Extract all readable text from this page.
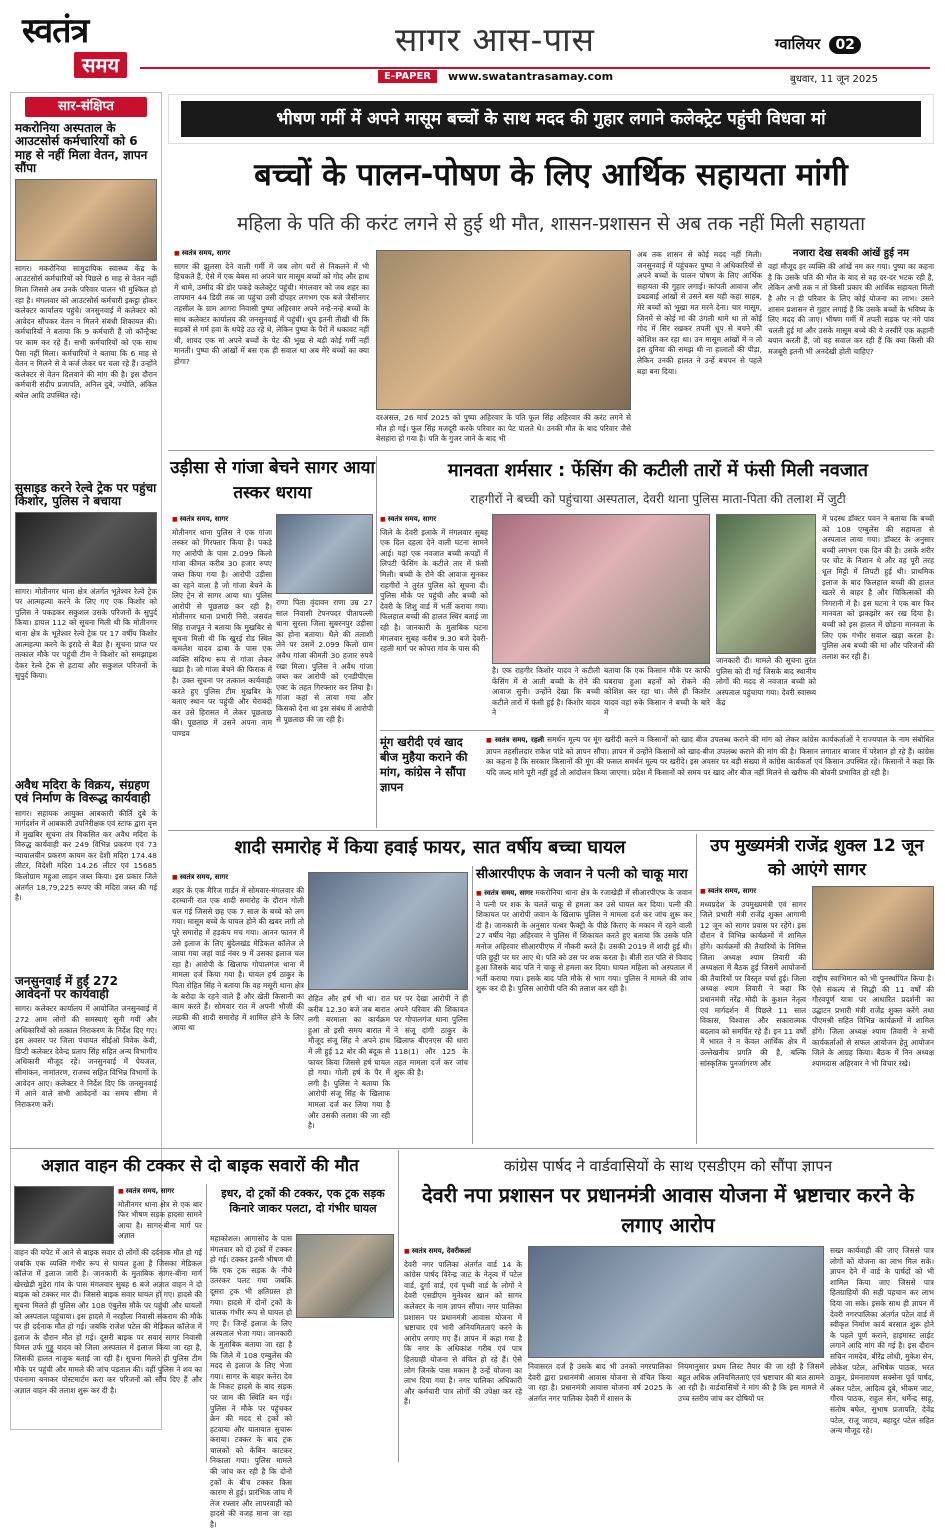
स्वतंत्र
समय
सागर आस-पास	ग्वालियर 02
E-PAPER	www.swatantrasamay.com	बुधवार, 11 जून 2025
सार-संक्षिप्त
मकरोनिया अस्पताल के आउटसोर्स कर्मचारियों को 6 माह से नहीं मिला वेतन, ज्ञापन सौंपा
सागर। मकरोनिया सामुदायिक स्वास्थ्य केंद्र के आउटसोर्स कर्मचारियों को पिछले 6 माह से वेतन नहीं मिला जिससे अब उनके परिवार पालन भी मुश्किल हो रहा है। मंगलवार को आउटसोर्स कर्मचारी इकट्ठा होकर कलेक्टर कार्यालय पहुंचे। जनसुनवाई में कलेक्टर को आवेदन सौंपकर वेतन न मिलने संबंधी शिकायत की। कर्मचारियों ने बताया कि 9 कर्मचारी हैं जो कॉन्ट्रैक्ट पर काम कर रहे हैं। सभी कर्मचारियों को एक साथ पैसा नहीं मिला। कर्मचारियों ने बताया कि 6 माह से वेतन न मिलने से वे कर्ज लेकर घर चला रहे हैं। उन्होंने कलेक्टर से वेतन दिलवाने की मांग की है। इस दौरान कर्मचारी संदीप प्रजापति, अनिल दुबे, ज्योति, अंकित बघेल आदि उपस्थित रहे।
सुसाइड करने रेल्वे ट्रेक पर पहुंचा किशोर, पुलिस ने बचाया
सागर। मोतीनगर थाना क्षेत्र अंतर्गत भूतेश्वर रेल्वे ट्रेक पर आत्महत्या करने के लिए गए एक किशोर को पुलिस ने पकड़कर सकुशल उसके परिजनों के सुपुर्द किया। डायल 112 को सूचना मिली थी कि मोतीनगर थाना क्षेत्र के भूतेश्वर रेल्वे ट्रेक पर 17 वर्षीय किशोर आत्महत्या करने के इरादे से बैठा है। सूचना प्राप्त पर तत्काल मौके पर पहुंची टीम ने किशोर को समझाइश देकर रेल्वे ट्रेक से हटाया और सकुशल परिजनों के सुपुर्द किया।
अवैध मदिरा के विक्रय, संग्रहण एवं निर्माण के विरूद्ध कार्यवाही
सागर। सहायक आयुक्त आबकारी कीर्ति दुबे के मार्गदर्शन में आबकारी उपनिरीक्षक एवं स्टाफ द्वारा वृत्त में मुखबिर सूचना तंत्र विकसित कर अवैध मदिरा के विरुद्ध कार्यवाही कर 249 विभिन्न प्रकरण एवं 73 न्यायालयीन प्रकरण कायम कर देशी मदिरा 174.48 लीटर, विदेशी मदिरा 14.26 लीटर एवं 15685 किलोग्राम महुआ लाहन जब्त किया। इस प्रकार जिले अंतर्गत 18,79,225 रूपए की मदिरा जब्त की गई है।
जनसुनवाई में हुईं 272 आवेदनों पर कार्यवाही
सागर। कलेक्टर कार्यालय में आयोजित जनसुनवाई में 272 आम लोगों की समस्याएं सुनी गयीं और अधिकारियों को तत्काल निराकरण के निर्देश दिए गए। इस अवसर पर जिला पंचायत सीईओ विवेक केवी, डिप्टी कलेक्टर देवेन्द्र प्रताप सिंह सहित अन्य विभागीय अधिकारी मौजूद रहे। जनसुनवाई में पेयजल, सीमांकन, नामांतरण, राजस्व सहित विभिन्न विभागों के आवेदन आए। कलेक्टर ने निर्देश दिए कि जनसुनवाई में आने वाले सभी आवेदनों का समय सीमा में निराकरण करें।
भीषण गर्मी में अपने मासूम बच्चों के साथ मदद की गुहार लगाने कलेक्ट्रेट पहुंची विधवा मां
बच्चों के पालन-पोषण के लिए आर्थिक सहायता मांगी
महिला के पति की करंट लगने से हुई थी मौत, शासन-प्रशासन से अब तक नहीं मिली सहायता
■ स्वतंत्र समय, सागर
सागर की झुलसा देने वाली गर्मी में जब लोग घरों से निकलने में भी हिचकते हैं, ऐसे में एक बेबस मां अपने चार मासूम बच्चों को गोद और हाथ में थामे, उम्मीद की डोर पकड़े कलेक्ट्रेट पहुंची। मंगलवार को जब शहर का तापमान 44 डिग्री तक जा पहुंचा उसी दोपहर लगभग एक बजे जैसीनगर तहसील के ग्राम आगरा निवासी पुष्पा अहिरवार अपने नन्हे-नन्हे बच्चों के साथ कलेक्टर कार्यालय की जनसुनवाई में पहुंचीं। धूप इतनी तीखी थी कि सड़कों से गर्म हवा के थपेड़े उठ रहे थे, लेकिन पुष्पा के पैरों में थकावट नहीं थी, शायद एक मां अपने बच्चों के पेट की भूख से बड़ी कोई गर्मी नहीं मानती। पुष्पा की आंखों में बस एक ही सवाल था अब मेरे बच्चों का क्या होगा?
दरअसल, 26 मार्च 2025 को पुष्पा अहिरवार के पति फूल सिंह अहिरवार की करंट लगने से मौत हो गई। फूल सिंह मजदूरी करके परिवार का पेट पालते थे। उनकी मौत के बाद परिवार जैसे बेसहारा हो गया है। पति के गुजर जाने के बाद भी
अब तक शासन से कोई मदद नहीं मिली। जनसुनवाई में पहुंचकर पुष्पा ने अधिकारियों से अपने बच्चों के पालन पोषण के लिए आर्थिक सहायता की गुहार लगाई। कांपती आवाज और डबडबाई आंखों से उसने बस यही कहा साहब, मेरे बच्चों को भूखा मत मरने देना। चार मासूम, जिनमें से कोई मां की उंगली थामे था तो कोई गोद में सिर रखकर तपती धूप से बचने की कोशिश कर रहा था। उन मासूम आंखों में न तो इस दुनिया की समझ थी ना हालातों की पीड़ा, लेकिन उनकी हालत ने उन्हें बचपन से पहले बड़ा बना दिया।
नजारा देख सबकी आंखें हुई नम
वहां मौजूद हर व्यक्ति की आंखें नम कर गया। पुष्पा का कहना है कि उसके पति की मौत के बाद से वह दर-दर भटक रही है, लेकिन अभी तक न तो किसी प्रकार की आर्थिक सहायता मिली है और न ही परिवार के लिए कोई योजना का लाभ। उसने शासन प्रशासन से गुहार लगाई है कि उसके बच्चों के भविष्य के लिए मदद की जाए। भीषण गर्मी में तपती सड़क पर नंगे पांव चलती हुई मां और उसके मासूम बच्चे की ये तस्वीरें एक कहानी बयान करती हैं, जो यह सवाल कर रही हैं कि क्या किसी की मजबूरी इतनी भी अनदेखी होती चाहिए?
उड़ीसा से गांजा बेचने सागर आया तस्कर धराया
■ स्वतंत्र समय, सागर
मोतीनगर थाना पुलिस ने एक गांजा तस्कर को गिरफ्तार किया है। पकड़े गए आरोपी के पास 2.099 किलो गांजा कीमत करीब 30 हजार रुपए जब्त किया गया है। आरोपी उड़ीसा का रहने वाला है जो गांजा बेचने के लिए ट्रेन से सागर आया था। पुलिस आरोपी से पूछताछ कर रही है। मोतीनगर थाना प्रभारी निरी. जसवंत सिंह राजपूत ने बताया कि मुखबिर से सूचना मिली थी कि खुरई रोड स्थित कमलेश यादव ढाबा के पास एक व्यक्ति संदिग्ध रूप से गांजा लेकर खड़ा है। जो गांजा बेचने की फिराक में है। उक्त सूचना पर तत्काल कार्यवाही करते हुए पुलिस टीम मुखबिर के बताए स्थान पर पहुंची और घेराबंदी कर उसे हिरासत में लेकर पूछताछ की। पूछताछ में उसने अपना नाम पाण्डव
राणा पिता वृंदावन राणा उम्र 27 साल निवासी टेपनपदर पीतापल्ली थाना सुरला जिला सुबरनपुर उड़ीसा का होना बताया। थैले की तलाशी लेने पर उसमें 2.099 किलो ग्राम अवैध गांजा कीमती 30 हजार रुपये रखा मिला। पुलिस ने अवैध गांजा जब्त कर आरोपी को एनडीपीएस एक्ट के तहत गिरफ्तार कर लिया है। गांजा कहां से लाया गया और किसको देना था इस संबंध में आरोपी से पूछताछ की जा रही है।
मानवता शर्मसार : फेंसिंग की कटीली तारों में फंसी मिली नवजात
राहगीरों ने बच्ची को पहुंचाया अस्पताल, देवरी थाना पुलिस माता-पिता की तलाश में जुटी
■ स्वतंत्र समय, सागर
जिले के देवरी इलाके में मंगलवार सुबह एक दिल दहला देने वाली घटना सामने आई। यहां एक नवजात बच्ची कपड़ों में लिपटी फेंसिंग के कटीले तार में फंसी मिली। बच्ची के रोने की आवाज सुनकर राहगीरों ने तुरंत पुलिस को सूचना दी। पुलिस मौके पर पहुंची और बच्ची को देवरी के शिशु वार्ड में भर्ती कराया गया। फिलहाल बच्ची की हालत स्थिर बताई जा रही है। जानकारी के मुताबिक घटना मंगलवार सुबह करीब 9.30 बजे देवरी-रहली मार्ग पर कोपरा गांव के पास की
है। एक राहगीर किशोर यादव ने कटीली फेंसिंग में से आती बच्ची के रोने की आवाज सुनी। उन्होंने देखा कि बच्ची कटीले तारों में फंसी हुई है। किशोर यादव ने
बताया कि एक किसान मौके पर काफी घबराया हुआ बहनों को रोकने की कोशिश कर रहा था। जैसे ही किशोर यादव वहां रुके किसान ने बच्ची के बारे में
जानकारी दी। मामले की सूचना तुरंत पुलिस को दी गई जिसके बाद स्थानीय लोगों की मदद से नवजात बच्ची को अस्पताल पहुंचाया गया। देवरी स्वास्थ्य केंद्र
में पदस्थ डॉक्टर पवन ने बताया कि बच्ची को 108 एम्बुलेंस की सहायता से अस्पताल लाया गया। डॉक्टर के अनुसार बच्ची लगभग एक दिन की है। उसके शरीर पर चोट के निशान थे और वह पूरी तरह धूल मिट्टी में लिपटी हुई थी। प्राथमिक इलाज के बाद फिलहाल बच्ची की हालत खतरे से बाहर है और चिकित्सकों की निगरानी में है। इस घटना ने एक बार फिर मानवता को झकझोर कर रख दिया है। बच्ची को इस हालत में छोड़ना मानवता के लिए एक गंभीर सवाल खड़ा करता है। पुलिस अब बच्ची की मां और परिजनों की तलाश कर रही है।
मूंग खरीदी एवं खाद बीज मुहैया कराने की मांग, कांग्रेस ने सौंपा ज्ञापन
■ स्वतंत्र समय, रहली समर्थन मूल्य पर मूंग खरीदी करने व किसानों को खाद बीज उपलब्ध कराने की मांग को लेकर कांग्रेस कार्यकर्ताओं ने राज्यपाल के नाम संबोधित ज्ञापन तहसीलदार राकेश पांडे को ज्ञापन सौंपा। ज्ञापन में उन्होंने किसानों को खाद-बीज उपलब्ध कराने की मांग की है। किसान लगातार बाजार में परेशान हो रहे हैं। कांग्रेस का कहना है कि सरकार किसानों की मूंग की फसल समर्थन मूल्य पर खरीदे। इस अवसर पर बड़ी संख्या में कांग्रेस कार्यकर्ता एवं किसान उपस्थित रहे। किसानों ने कहा कि यदि जल्द मांगे पूरी नहीं हुईं तो आंदोलन किया जाएगा। प्रदेश में किसानों को समय पर खाद और बीज नहीं मिलने से खरीफ की बोवनी प्रभावित हो रही है।
शादी समारोह में किया हवाई फायर, सात वर्षीय बच्चा घायल
■ स्वतंत्र समय, सागर
शहर के एक मैरिज गार्डन में सोमवार-मंगलवार की दरम्यानी रात एक शादी समारोह के दौरान गोली चल गई जिससे छह एक 7 साल के बच्चे को लग गया। मासूम बच्चे के घायल होने की खबर लगी तो पूरे समारोह में हड़कंप मच गया। आनन फानन में उसे इलाज के लिए बुंदेलखंड मेडिकल कॉलेज ले जाया गया जहां वार्ड नंबर 9 में उसका इलाज चल रहा है। आरोपी के खिलाफ गोपालगंज थाना में मामला दर्ज किया गया है। घायल हर्ष ठाकुर के पिता रोहित सिंह ने बताया कि वह मसूरी थाना क्षेत्र के बरोदा के रहने वाले हैं और खेती किसानी का काम करते हैं। सोमवार रात में अपनी भौजी की लड़की की शादी समारोह में शामिल होने के लिए आया था
रोहित और हर्ष भी था। रात करीब 12.30 बजे जब बारात लगी बरमाला का कार्यक्रम हुआ तो इसी समय बारात में मौजूद संजू सिंह ने अपने हाथ में ली हुई 12 बोर की बंदूक से फायर किया जिससे हर्ष घायल हो गया। गोली हर्ष के पैर में लगी है। पुलिस ने बताया कि आरोपी संजू सिंह के खिलाफ मामला दर्ज कर लिया गया है और उसकी तलाश की जा रही है।
घर पर देखा आरोपी ने ही अपने परिवार की शिकायत पर गोपालगंज थाना पुलिस ने संजू दांगी ठाकुर के खिलाफ बीएनएस की धारा 118(1) और 125 के तहत मामला दर्ज कर जांच शुरू की है।
सीआरपीएफ के जवान ने पत्नी को चाकू मारा
■ स्वतंत्र समय, सागर मकरोनिया थाना क्षेत्र के रजाखेड़ी में सीआरपीएफ के जवान ने पत्नी पर शक के चलते चाकू से हमला कर उसे घायल कर दिया। पत्नी की शिकायत पर आरोपी जवान के खिलाफ पुलिस ने मामला दर्ज कर जांच शुरू कर दी है। जानकारी के अनुसार पत्थर फैक्ट्री के पीछे किराए के मकान में रहने वाली 27 वर्षीय नेहा अहिरवार ने पुलिस में शिकायत करते हुए बताया कि उसके पति मनोज अहिरवार सीआरपीएफ में नौकरी करते हैं। उसकी 2019 में शादी हुई थी। पति छुट्टी पर घर आए थे। पति को उस पर शक करता है। बीती रात पति से विवाद हुआ जिसके बाद पति ने चाकू से हमला कर दिया। घायल महिला को अस्पताल में भर्ती कराया गया। इसके बाद पति मौके से भाग गया। पुलिस ने मामले की जांच शुरू कर दी है। पुलिस आरोपी पति की तलाश कर रही है।
उप मुख्यमंत्री राजेंद्र शुक्ल 12 जून को आएंगे सागर
■ स्वतंत्र समय, सागर
मध्यप्रदेश के उपमुख्यमंत्री एवं सागर जिले प्रभारी मंत्री राजेंद्र शुक्ल आगामी 12 जून को सागर प्रवास पर रहेंगे। इस दौरान वे विभिन्न कार्यक्रमों में शामिल होंगे। कार्यक्रमों की तैयारियों के निमित्त जिला अध्यक्ष श्याम तिवारी की अध्यक्षता में बैठक हुई जिसमें आयोजनों की तैयारियों पर विस्तृत चर्चा हुई। जिला अध्यक्ष श्याम तिवारी ने कहा कि प्रधानमंत्री नरेंद्र मोदी के कुशल नेतृत्व एवं मार्गदर्शन में पिछले 11 साल विकास, विश्वास और सकारात्मक बदलाव को समर्पित रहे हैं। इन 11 वर्षों में भारत ने न केवल आर्थिक क्षेत्र में उल्लेखनीय प्रगति की है, बल्कि सांस्कृतिक पुनर्जागरण और
राष्ट्रीय स्वाभिमान को भी पुनर्स्थापित किया है। ऐसे संकल्प से सिद्धी की 11 वर्षों की गौरवपूर्ण यात्रा पर आधारित प्रदर्शनी का उद्घाटन प्रभारी मंत्री राजेंद्र शुक्ल करेंगे तथा पीएमश्री सहित विभिन्न कार्यक्रमों में शामिल होंगे। जिला अध्यक्ष श्याम तिवारी ने सभी कार्यकर्ताओं से सफल आयोजन हेतु आयोजन जिले के आग्रह किया। बैठक में निन अध्यक्ष श्यामदास अहिरवार ने भी विचार रखे।
अज्ञात वाहन की टक्कर से दो बाइक सवारों की मौत
■ स्वतंत्र समय, सागर
मोतीनगर थाना क्षेत्र से एक बार फिर भीषण सड़क हादसा सामने आया है। सागर-बीना मार्ग पर अज्ञात
वाहन की चपेट में आने से बाइक सवार दो लोगों की दर्दनाक मौत हो गई जबकि एक व्यक्ति गंभीर रूप से घायल हुआ है जिसका मेडिकल कॉलेज में इलाज जारी है। जानकारी के मुताबिक सागर-बीना मार्ग खेरखेड़ी मुड़ेरा गांव के पास मंगलवार सुबह 6 बजे अज्ञात वाहन ने दो बाइक को टक्कर मार दी। जिससे बाइक सवार घायल हो गए। हादसे की सूचना मिलते ही पुलिस और 108 एंबुलेंस मौके पर पहुंची और घायलों को अस्पताल पहुंचाया। इस हादसे में नरहौला निवासी संकराम की मौके पर ही दर्दनाक मौत हो गई। जबकि राजेश पटेल की मेडिकल कॉलेज में इलाज के दौरान मौत हो गई। दूसरी बाइक पर सवार सागर निवासी विमल उर्फ गुड्डू यादव को जिला अस्पताल में इलाज किया जा रहा है, जिसकी हालत नाजुक बताई जा रही है। सूचना मिलते ही पुलिस टीम मौके पर पहुंची और मामले की जांच पड़ताल की। वहीं पुलिस ने शव का पंचनामा बनाकर पोस्टमार्टम करा कर परिजनों को सौंप दिए हैं और अज्ञात वाहन की तलाश शुरू कर दी है।
इधर, दो ट्रकों की टक्कर, एक ट्रक सड़क किनारे जाकर पलटा, दो गंभीर घायल
महाकोशल। आगासोद के पास मंगलवार को दो ट्रकों में टक्कर हो गई। टक्कर इतनी भीषण थी कि एक ट्रक सड़क के नीचे उतरकर पलट गया जबकि दूसरा ट्रक भी क्षतिग्रस्त हो गया। हादसे में दोनों ट्रकों के चालक गंभीर रूप से घायल हो गए हैं। जिन्हें इलाज के लिए अस्पताल भेजा गया। जानकारी के मुताबिक बताया जा रहा है कि जिले में 108 एम्बुलेंस की मदद से इलाज के लिए भेजा गया। सागर के बाहर कनेरा देव के निकट हादसे के बाद सड़क पर जाम की स्थिति बन गई। पुलिस ने मौके पर पहुंचकर क्रेन की मदद से ट्रकों को हटवाया और यातायात सुचारू कराया। टक्कर के बाद ट्रक चालकों को केबिन काटकर निकाला गया। पुलिस मामले की जांच कर रही है कि दोनों ट्रकों के बीच टक्कर किस कारण से हुई। प्रारंभिक जांच में तेज रफ्तार और लापरवाही को हादसे की वजह माना जा रहा है।
कांग्रेस पार्षद ने वार्डवासियों के साथ एसडीएम को सौंपा ज्ञापन
देवरी नपा प्रशासन पर प्रधानमंत्री आवास योजना में भ्रष्टाचार करने के लगाए आरोप
■ स्वतंत्र समय, देवरीकलां
देवरी नगर पालिका अंतर्गत वार्ड 14 के कांग्रेस पार्षद विरेन्द्र जाट के नेतृत्व में पटेल वार्ड, दुर्गा वार्ड, एवं पृथ्वी वार्ड के लोगों ने देवरी एसडीएम मुनेश्वर खान को सागर कलेक्टर के नाम ज्ञापन सौंपा। नगर पालिका प्रशासन पर प्रधानमंत्री आवास योजना में भ्रष्टाचार एवं भारी अनियमितताएं करने के आरोप लगाए गए हैं। ज्ञापन में कहा गया है कि नगर के अधिकांश गरीब एवं पात्र हितग्राही योजना से वंचित हो रहे हैं। ऐसे लोग जिनके पास मकान है उन्हें योजना का लाभ दिया गया है। नगर पालिका अधिकारी और कर्मचारी पात्र लोगों की उपेक्षा कर रहे हैं।
निवासरत दर्ज है उसके बाद भी उनको नगरपालिका देवरी द्वारा प्रधानमंत्री आवास योजना से वंचित किया जा रहा है। प्रधानमंत्री आवास योजना वर्ष 2025 के अंतर्गत नगर पालिका देवरी में शासन के
नियमानुसार प्रथम लिस्ट तैयार की जा रही है जिसमें बहुत अधिक अनियमितताएं एवं भ्रष्टाचार की बात सामने आ रही है। वार्डवासियों ने मांग की है कि इस मामले में उच्च स्तरीय जांच कर दोषियों पर
सख्त कार्यवाही की जाए जिससे पात्र लोगों को योजना का लाभ मिल सके। ज्ञापन देने में वार्ड के पार्षदों को भी शामिल किया जाए जिससे पात्र हितग्राहियों की सही पहचान कर लाभ दिया जा सके। इसके साथ ही ज्ञापन में देवरी नगरपालिका अंतर्गत पटेल वार्ड में स्वीकृत निर्माण कार्य बरसात शुरू होने के पहले पूर्ण कराने, हाइमास्ट लाईट लगाने आदि मांग की गई है। इस दौरान सचिन नामदेव, बीरेंद्र लोधी, मुकेश सेन, लोकेश पटेल, अभिषेक पाठक, भरत ठाकुर, प्रेमनारायण सक्सेना पूर्व पार्षद, अंकर पटेल, आदित्य दुबे, भीकम जाट, गौरव पाठक, राहुल सेन, धर्मेन्द्र साहू, संतोष बघेल, सुभाष प्रजापति, देवेंद्र पटेल, राजू जाटव, बहादुर पटेल सहित अन्य मौजूद रहे।
